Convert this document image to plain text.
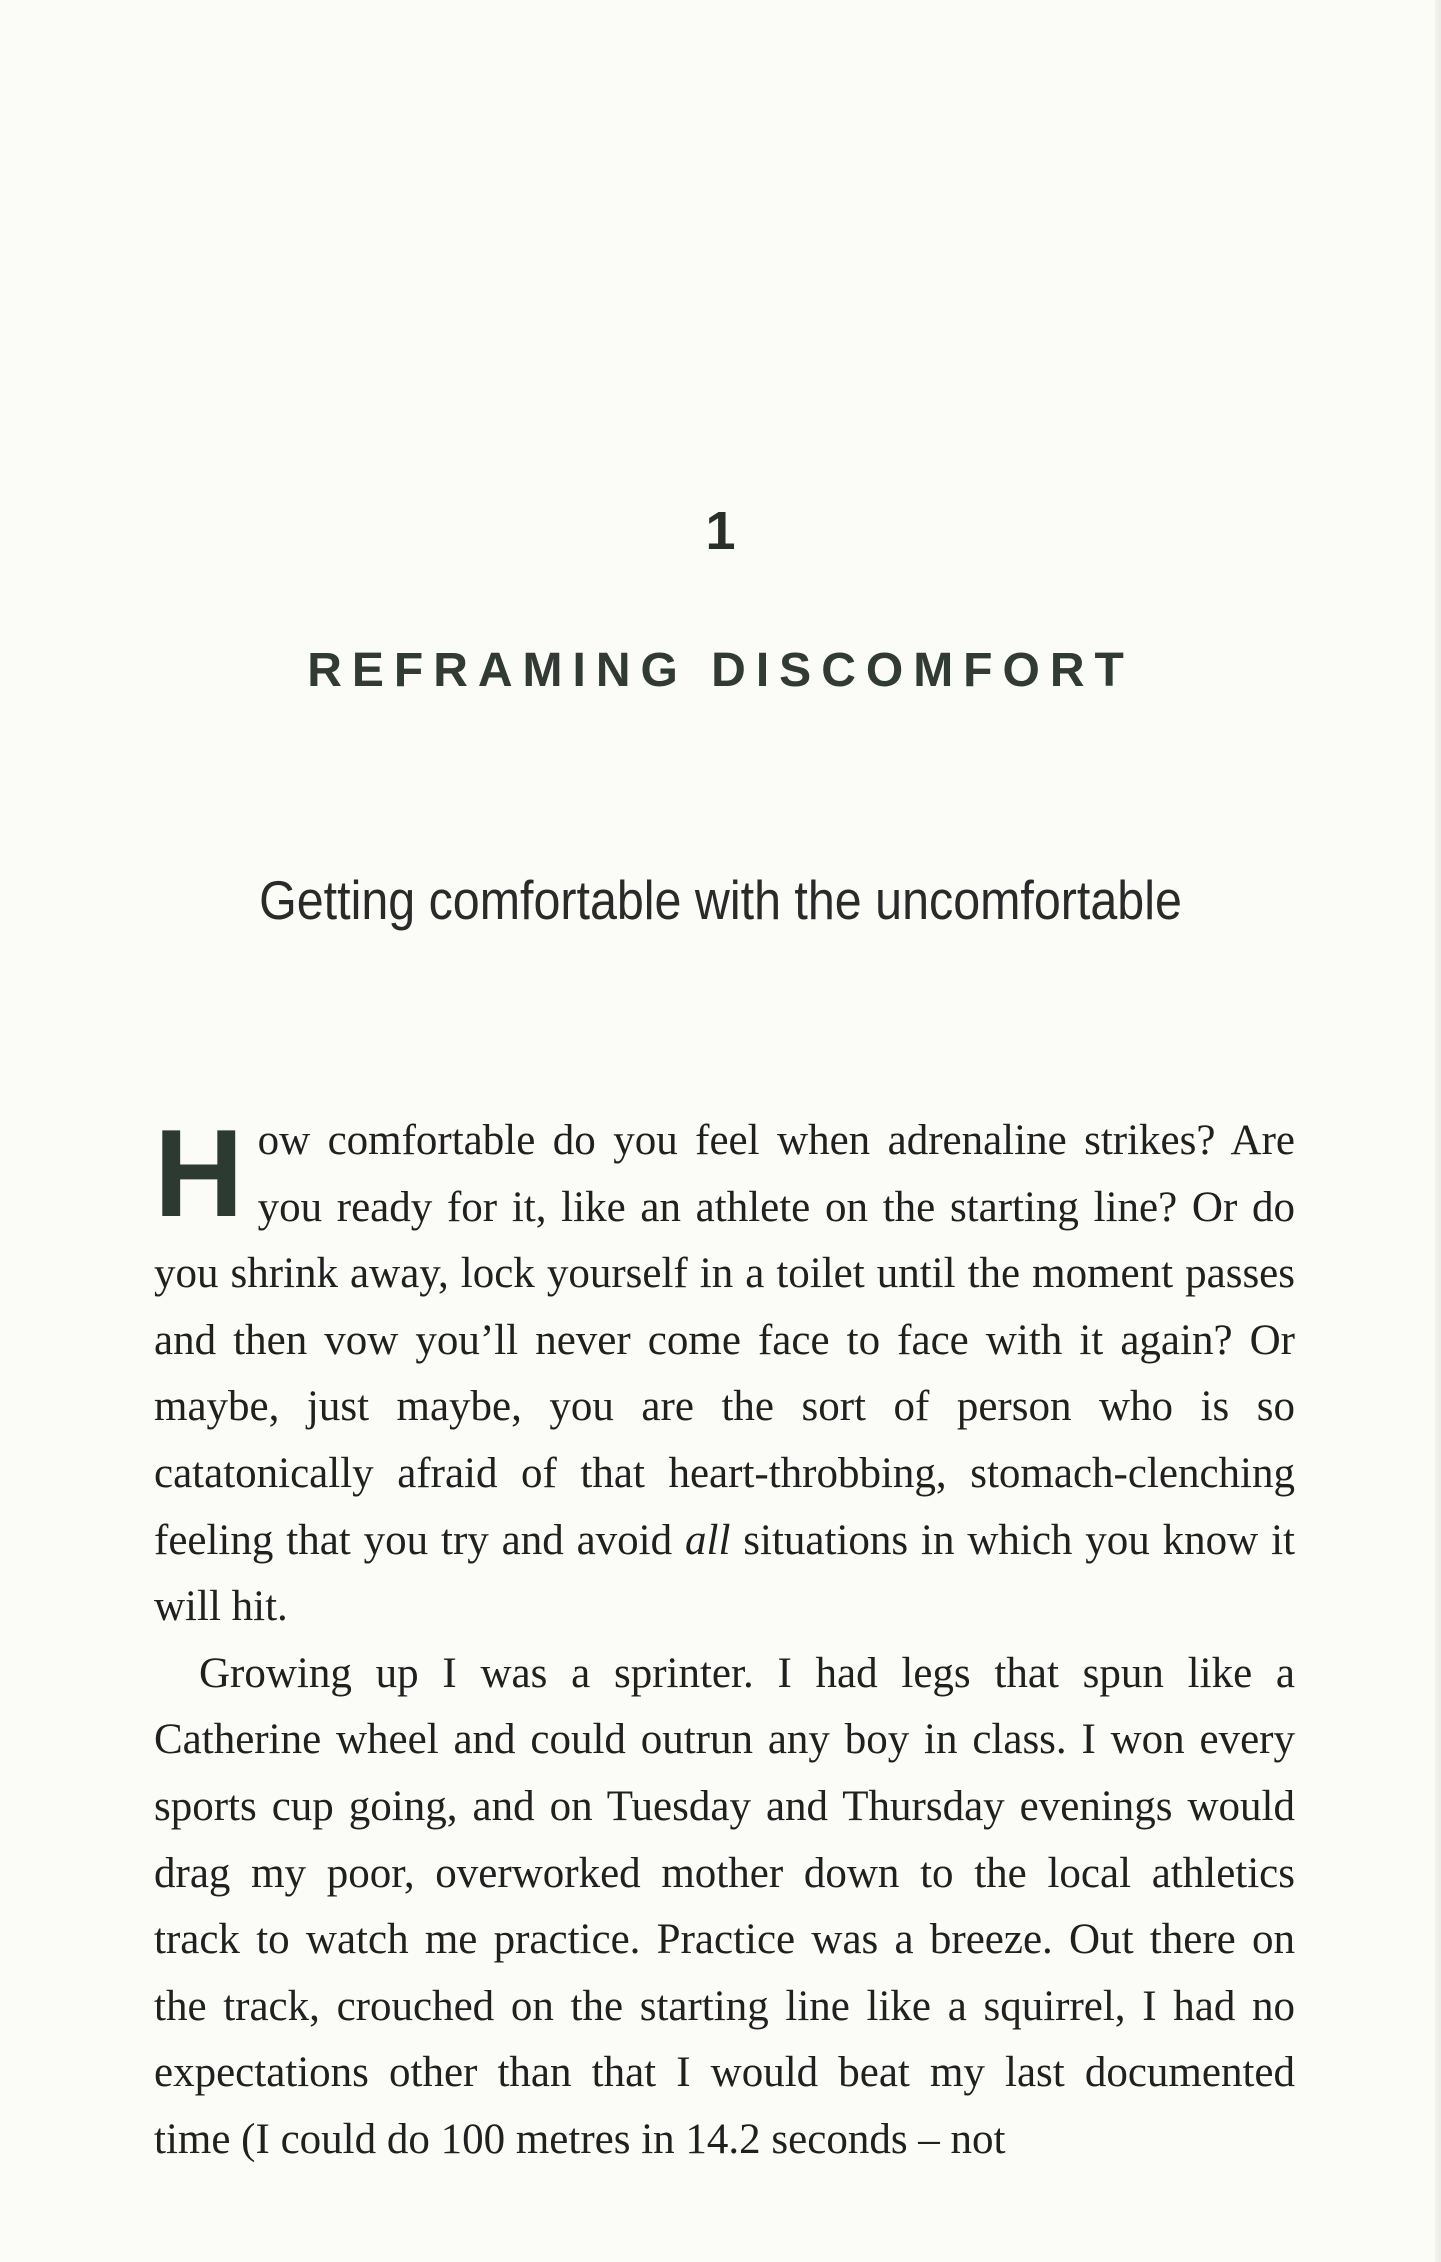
1
REFRAMING DISCOMFORT
Getting comfortable with the uncomfortable

How comfortable do you feel when adrenaline strikes? Are you ready for it, like an athlete on the starting line? Or do you shrink away, lock yourself in a toilet until the moment passes and then vow you’ll never come face to face with it again? Or maybe, just maybe, you are the sort of person who is so catatonically afraid of that heart-throbbing, stomach-clenching feeling that you try and avoid all situations in which you know it will hit.

Growing up I was a sprinter. I had legs that spun like a Catherine wheel and could outrun any boy in class. I won every sports cup going, and on Tuesday and Thursday evenings would drag my poor, overworked mother down to the local athletics track to watch me practice. Practice was a breeze. Out there on the track, crouched on the starting line like a squirrel, I had no expectations other than that I would beat my last documented time (I could do 100 metres in 14.2 seconds – not
